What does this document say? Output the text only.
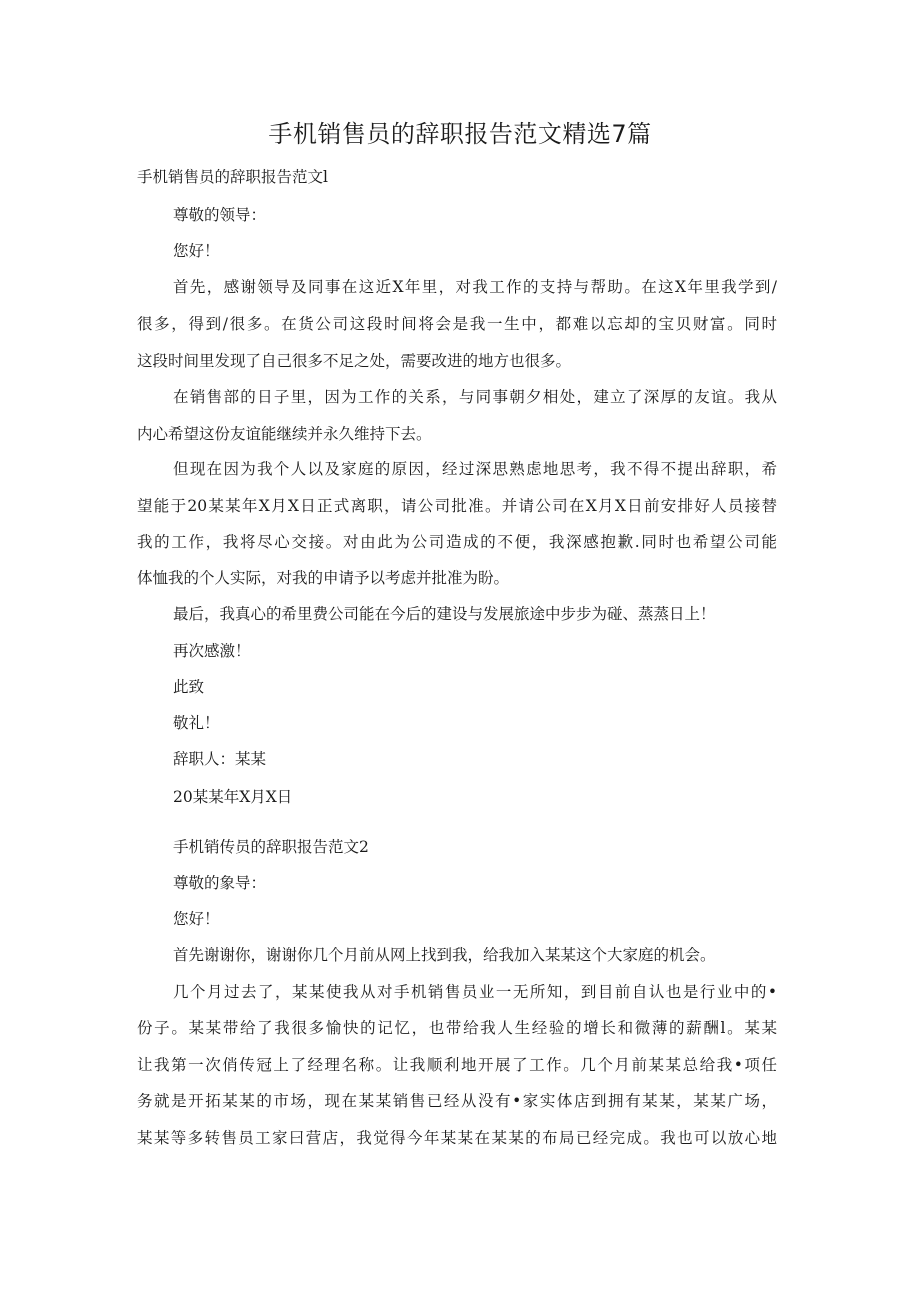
手机销售员的辞职报告范文精选7篇

手机销售员的辞职报告范文l

尊敬的领导：

您好！

首先，感谢领导及同事在这近X年里，对我工作的支持与帮助。在这X年里我学到/

很多，得到/很多。在货公司这段时间将会是我一生中，都难以忘却的宝贝财富。同时

这段时间里发现了自己很多不足之处，需要改进的地方也很多。

在销售部的日子里，因为工作的关系，与同事朝夕相处，建立了深厚的友谊。我从

内心希望这份友谊能继续并永久维持下去。

但现在因为我个人以及家庭的原因，经过深思熟虑地思考，我不得不提出辞职，希

望能于20某某年X月X日正式离职，请公司批准。并请公司在X月X日前安排好人员接替

我的工作，我将尽心交接。对由此为公司造成的不便，我深感抱歉.同时也希望公司能

体恤我的个人实际，对我的申请予以考虑并批准为盼。

最后，我真心的希里费公司能在今后的建设与发展旅途中步步为碰、蒸蒸日上！

再次感激！

此致

敬礼！

辞职人：某某

20某某年X月X日

手机销传员的辞职报告范文2

尊敬的象导：

您好！

首先谢谢你，谢谢你几个月前从网上找到我，给我加入某某这个大家庭的机会。

几个月过去了，某某使我从对手机销售员业一无所知，到目前自认也是行业中的•

份子。某某带给了我很多愉快的记忆，也带给我人生经验的增长和微薄的薪酬l。某某

让我第一次俏传冠上了经理名称。让我顺利地开展了工作。几个月前某某总给我•项任

务就是开拓某某的市场，现在某某销售已经从没有•家实体店到拥有某某，某某广场，

某某等多转售员工家曰营店，我觉得今年某某在某某的布局已经完成。我也可以放心地
